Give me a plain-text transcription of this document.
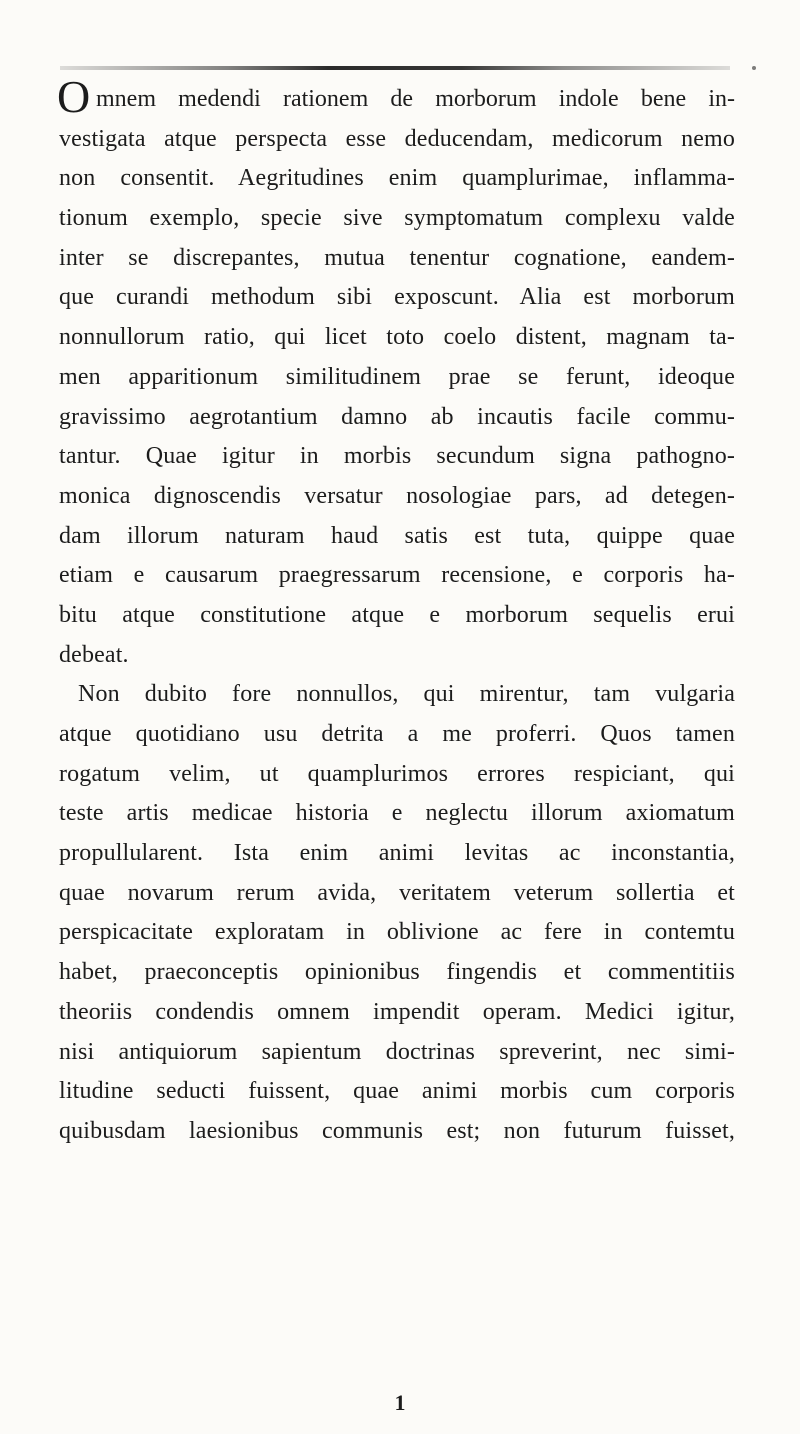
O mnem medendi rationem de morborum indole bene in-
vestigata atque perspecta esse deducendam, medicorum nemo
non consentit. Aegritudines enim quamplurimae, inflamma-
tionum exemplo, specie sive symptomatum complexu valde
inter se discrepantes, mutua tenentur cognatione, eandem-
que curandi methodum sibi exposcunt. Alia est morborum
nonnullorum ratio, qui licet toto coelo distent, magnam ta-
men apparitionum similitudinem prae se ferunt, ideoque
gravissimo aegrotantium damno ab incautis facile commu-
tantur. Quae igitur in morbis secundum signa pathogno-
monica dignoscendis versatur nosologiae pars, ad detegen-
dam illorum naturam haud satis est tuta, quippe quae
etiam e causarum praegressarum recensione, e corporis ha-
bitu atque constitutione atque e morborum sequelis erui
debeat.
Non dubito fore nonnullos, qui mirentur, tam vulgaria
atque quotidiano usu detrita a me proferri. Quos tamen
rogatum velim, ut quamplurimos errores respiciant, qui
teste artis medicae historia e neglectu illorum axiomatum
propullularent. Ista enim animi levitas ac inconstantia,
quae novarum rerum avida, veritatem veterum sollertia et
perspicacitate exploratam in oblivione ac fere in contemtu
habet, praeconceptis opinionibus fingendis et commentitiis
theoriis condendis omnem impendit operam. Medici igitur,
nisi antiquiorum sapientum doctrinas spreverint, nec simi-
litudine seducti fuissent, quae animi morbis cum corporis
quibusdam laesionibus communis est; non futurum fuisset,
1
